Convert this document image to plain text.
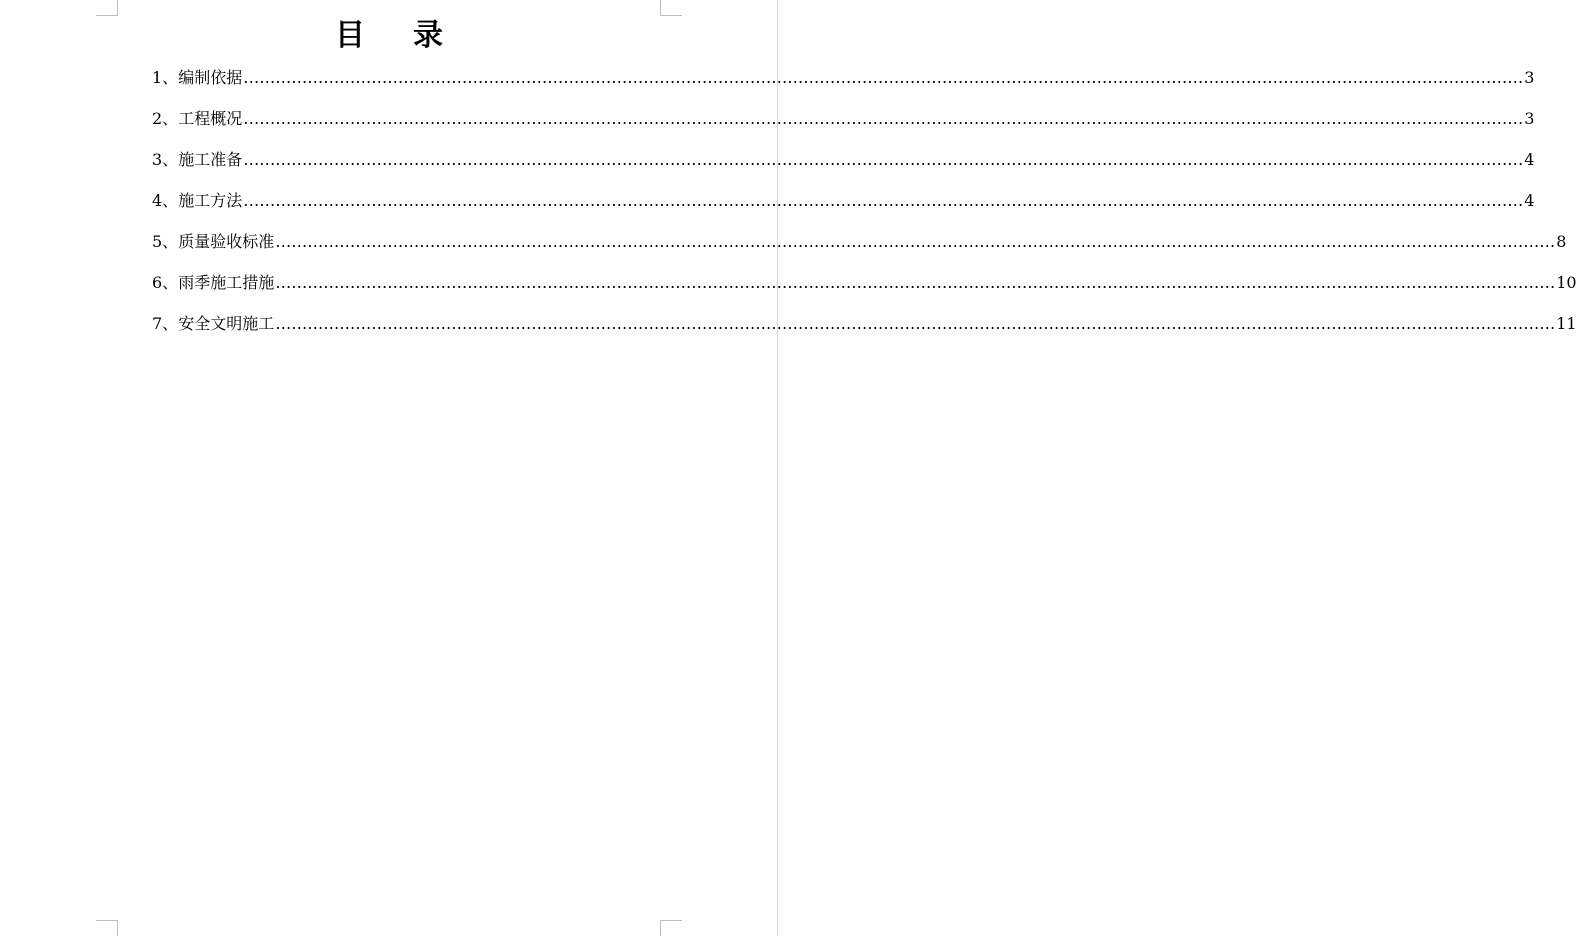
目 录
1、 编制依据 …………………………………………………………………………………………………………………………………………………………………………………………………………………… 3
2、 工程概况 …………………………………………………………………………………………………………………………………………………………………………………………………………………… 3
3、 施工准备 …………………………………………………………………………………………………………………………………………………………………………………………………………………… 4
4、 施工方法 …………………………………………………………………………………………………………………………………………………………………………………………………………………… 4
5、 质量验收标准 …………………………………………………………………………………………………………………………………………………………………………………………………………………… 8
6、 雨季施工措施 …………………………………………………………………………………………………………………………………………………………………………………………………………………… 10
7、 安全文明施工 …………………………………………………………………………………………………………………………………………………………………………………………………………………… 11
